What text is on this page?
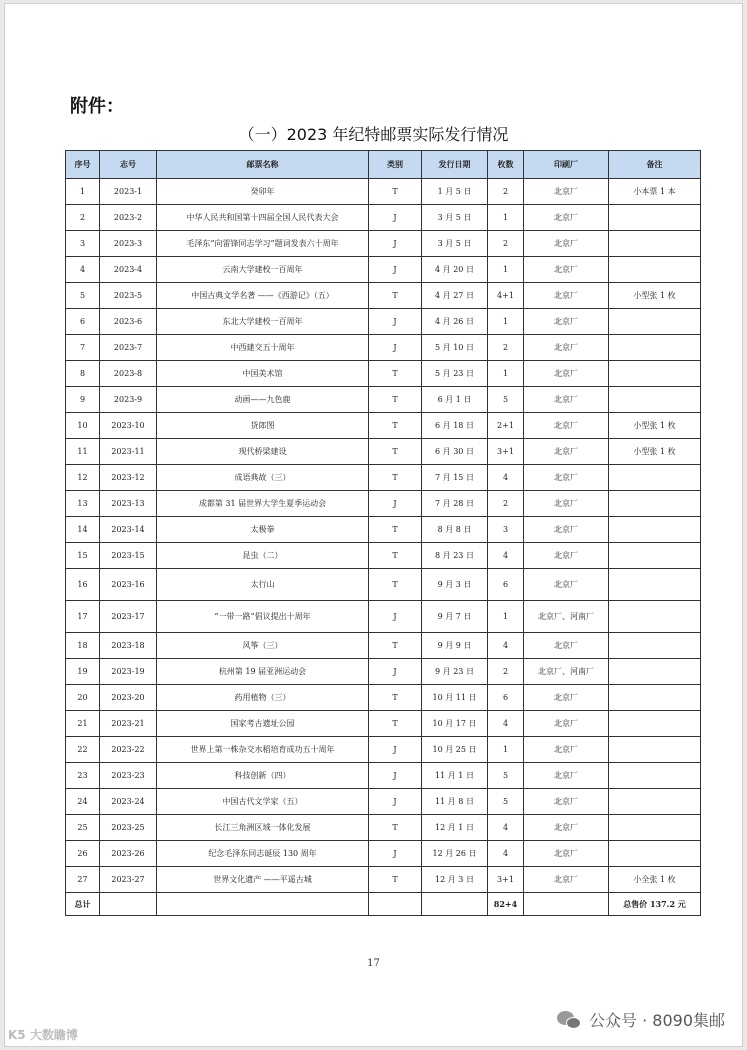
附件：
（一）2023 年纪特邮票实际发行情况
序号	志号	邮票名称	类别	发行日期	枚数	印刷厂	备注
1	2023-1	癸卯年	T	1 月 5 日	2	北京厂	小本票 1 本
2	2023-2	中华人民共和国第十四届全国人民代表大会	J	3 月 5 日	1	北京厂	
3	2023-3	毛泽东“向雷锋同志学习”题词发表六十周年	J	3 月 5 日	2	北京厂	
4	2023-4	云南大学建校一百周年	J	4 月 20 日	1	北京厂	
5	2023-5	中国古典文学名著 ——《西游记》（五）	T	4 月 27 日	4+1	北京厂	小型张 1 枚
6	2023-6	东北大学建校一百周年	J	4 月 26 日	1	北京厂	
7	2023-7	中西建交五十周年	J	5 月 10 日	2	北京厂	
8	2023-8	中国美术馆	T	5 月 23 日	1	北京厂	
9	2023-9	动画——九色鹿	T	6 月 1 日	5	北京厂	
10	2023-10	货郎图	T	6 月 18 日	2+1	北京厂	小型张 1 枚
11	2023-11	现代桥梁建设	T	6 月 30 日	3+1	北京厂	小型张 1 枚
12	2023-12	成语典故（三）	T	7 月 15 日	4	北京厂	
13	2023-13	成都第 31 届世界大学生夏季运动会	J	7 月 28 日	2	北京厂	
14	2023-14	太极拳	T	8 月 8 日	3	北京厂	
15	2023-15	昆虫（二）	T	8 月 23 日	4	北京厂	
16	2023-16	太行山	T	9 月 3 日	6	北京厂	
17	2023-17	“一带一路”倡议提出十周年	J	9 月 7 日	1	北京厂、河南厂	
18	2023-18	风筝（三）	T	9 月 9 日	4	北京厂	
19	2023-19	杭州第 19 届亚洲运动会	J	9 月 23 日	2	北京厂、河南厂	
20	2023-20	药用植物（三）	T	10 月 11 日	6	北京厂	
21	2023-21	国家考古遗址公园	T	10 月 17 日	4	北京厂	
22	2023-22	世界上第一株杂交水稻培育成功五十周年	J	10 月 25 日	1	北京厂	
23	2023-23	科技创新（四）	J	11 月 1 日	5	北京厂	
24	2023-24	中国古代文学家（五）	J	11 月 8 日	5	北京厂	
25	2023-25	长江三角洲区域一体化发展	T	12 月 1 日	4	北京厂	
26	2023-26	纪念毛泽东同志诞辰 130 周年	J	12 月 26 日	4	北京厂	
27	2023-27	世界文化遗产 ——平遥古城	T	12 月 3 日	3+1	北京厂	小全张 1 枚
总计					82+4		总售价 137.2 元
17
K5 大数瞻博
公众号 · 8090集邮
